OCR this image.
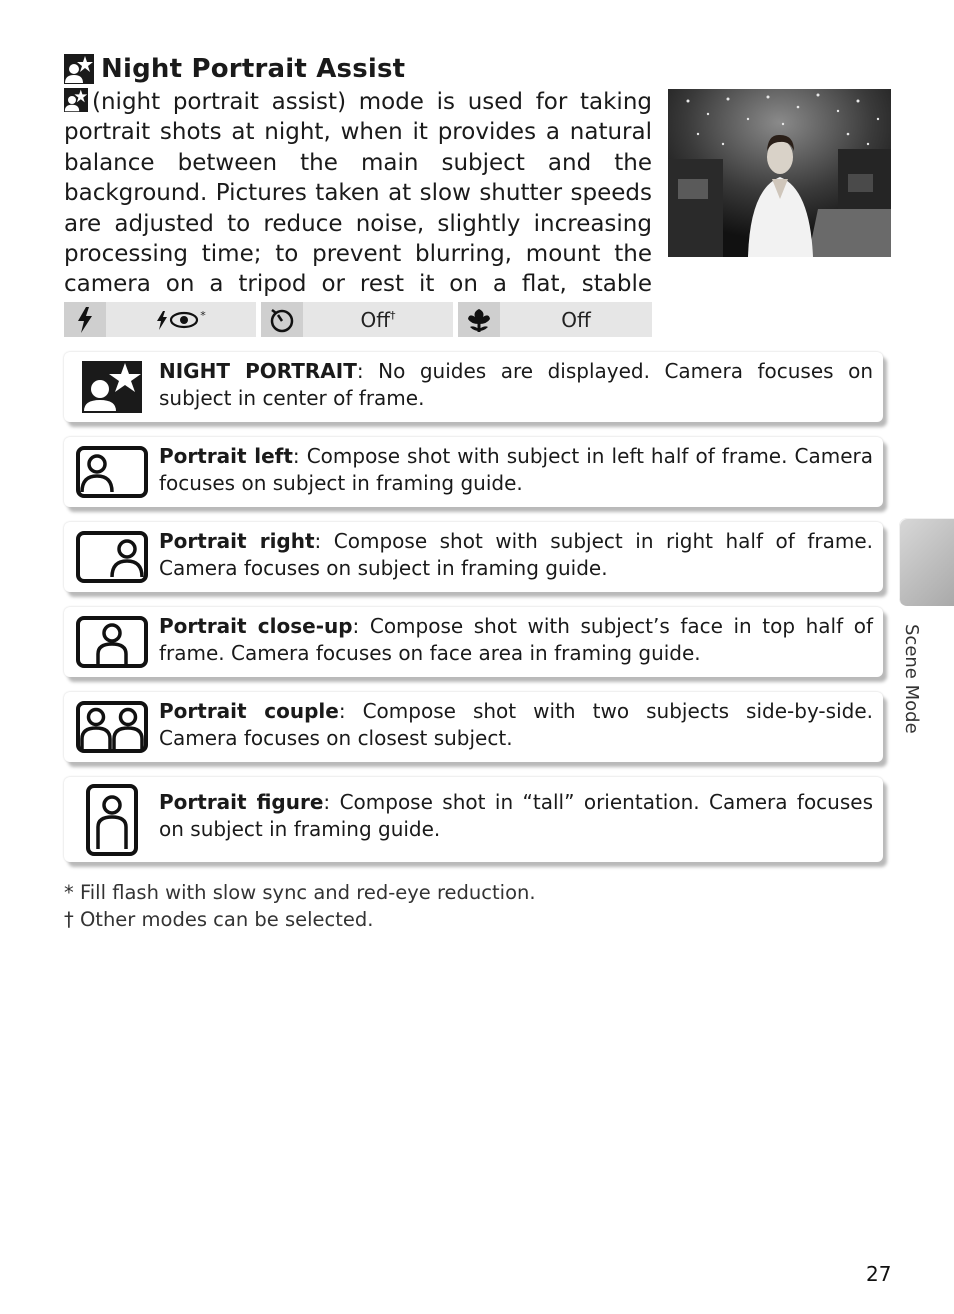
Night Portrait Assist
(night portrait assist) mode is used for taking portrait shots at night, when it provides a natural balance between the main subject and the background. Pictures taken at slow shutter speeds are adjusted to reduce noise, slightly increasing processing time; to prevent blurring, mount the camera on a tripod or rest it on a flat, stable
*	Off†	Off
NIGHT PORTRAIT: No guides are displayed. Camera focuses on subject in center of frame.
Portrait left: Compose shot with subject in left half of frame. Camera focuses on subject in framing guide.
Portrait right: Compose shot with subject in right half of frame. Camera focuses on subject in framing guide.
Portrait close-up: Compose shot with subject’s face in top half of frame. Camera focuses on face area in framing guide.
Portrait couple: Compose shot with two subjects side-by-side. Camera focuses on closest subject.
Portrait figure: Compose shot in “tall” orientation. Camera focuses on subject in framing guide.
* Fill flash with slow sync and red-eye reduction.
† Other modes can be selected.
Scene Mode
27
